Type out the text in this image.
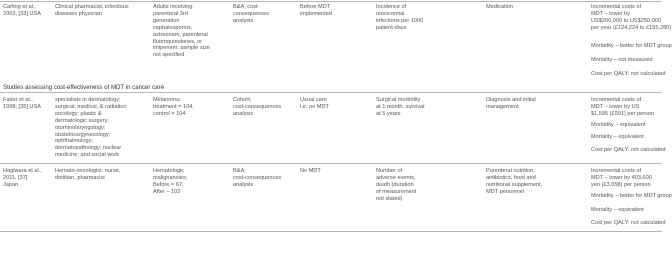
Carling et al.,
2003, [33] USA
Clinical pharmacist, infectious
diseases physician
Adults receiving
parenteral 3rd
generation
cephalosporins,
aztreonam, parenteral
fluoroquinolones, or
imipenem; sample size
not specified
B&A; cost-
consequences
analysis
Before MDT
implemented
Incidence of
nosocomial
infections per 1000
patient-days
Medication	Incremental costs of
MDT – lower by
US$200,000 to US$250,000
per year (£124,224 to £155,280)
Morbidity – better for MDT group
Mortality – not measured
Cost per QALY: not calculated
Studies assessing cost-effectiveness of MDT in cancer care
Fader et al.,
1998, [35] USA
specialists in dermatology;
surgical, medical, & radiation
oncology; plastic &
dermatologic surgery;
otorhinolaryngology;
obstetrics/gynecology;
ophthalmology;
dermatopathology; nuclear
medicine; and social work
Melanoma;
treatment = 104,
control = 104
Cohort;
cost-consequences
analysis
Usual care
i.e. no MDT
Surgical morbidity
at 1 month, survival
at 5 years
Diagnosis and initial
management
Incremental costs of
MDT – lower by US
$1,595 (£991) per person
Morbidity – equivalent
Mortality – equivalent
Cost per QALY: not calculated
Hagiwara et al.,
2011, [37]
Japan
Hemato-oncologist; nurse,
dietitian, pharmacist
Hematologic
malignancies;
Before = 67,
After – 102
B&A;
cost-consequences
analysis
No MDT	Number of
adverse events,
death (duration
of measurement
not stated)
Parenteral nutrition,
antibiotics, food and
nutritional supplement,
MDT personnel
Incremental costs of
MDT – lower by 403,600
yen (£3,058) per person
Morbidity – better for MDT group
Mortality – equivalent
Cost per QALY: not calculated
